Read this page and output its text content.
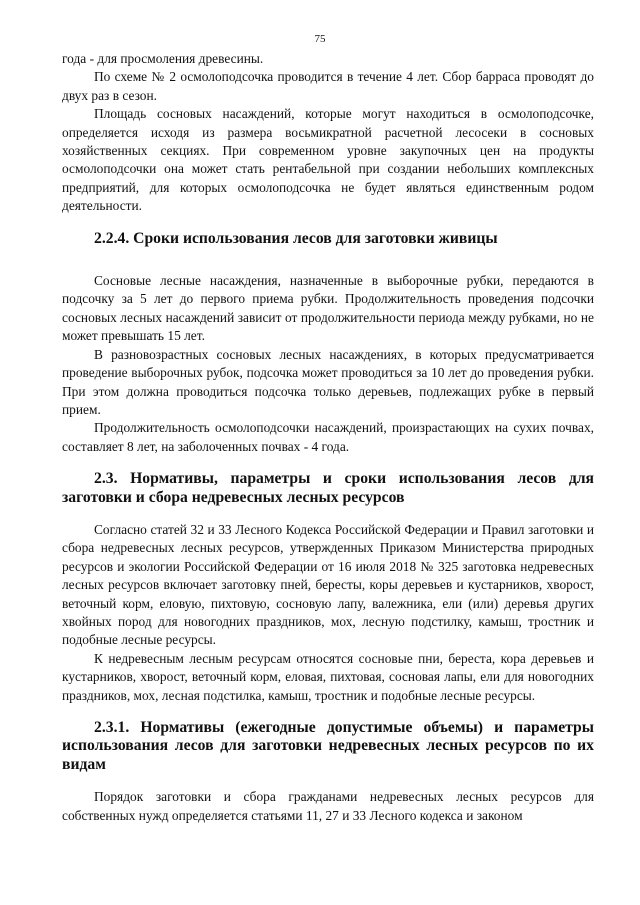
75

года - для просмоления древесины.

По схеме № 2 осмолоподсочка проводится в течение 4 лет. Сбор барраса проводят до двух раз в сезон.

Площадь сосновых насаждений, которые могут находиться в осмолоподсочке, определяется исходя из размера восьмикратной расчетной лесосеки в сосновых хозяйственных секциях. При современном уровне закупочных цен на продукты осмолоподсочки она может стать рентабельной при создании небольших комплексных предприятий, для которых осмолоподсочка не будет являться единственным родом деятельности.

2.2.4. Сроки использования лесов для заготовки живицы

Сосновые лесные насаждения, назначенные в выборочные рубки, передаются в подсочку за 5 лет до первого приема рубки. Продолжительность проведения подсочки сосновых лесных насаждений зависит от продолжительности периода между рубками, но не может превышать 15 лет.

В разновозрастных сосновых лесных насаждениях, в которых предусматривается проведение выборочных рубок, подсочка может проводиться за 10 лет до проведения рубки. При этом должна проводиться подсочка только деревьев, подлежащих рубке в первый прием.

Продолжительность осмолоподсочки насаждений, произрастающих на сухих почвах, составляет 8 лет, на заболоченных почвах - 4 года.

2.3. Нормативы, параметры и сроки использования лесов для заготовки и сбора недревесных лесных ресурсов

Согласно статей 32 и 33 Лесного Кодекса Российской Федерации и Правил заготовки и сбора недревесных лесных ресурсов, утвержденных Приказом Министерства природных ресурсов и экологии Российской Федерации от 16 июля 2018 № 325 заготовка недревесных лесных ресурсов включает заготовку пней, бересты, коры деревьев и кустарников, хворост, веточный корм, еловую, пихтовую, сосновую лапу, валежника, ели (или) деревья других хвойных пород для новогодних праздников, мох, лесную подстилку, камыш, тростник и подобные лесные ресурсы.

К недревесным лесным ресурсам относятся сосновые пни, береста, кора деревьев и кустарников, хворост, веточный корм, еловая, пихтовая, сосновая лапы, ели для новогодних праздников, мох, лесная подстилка, камыш, тростник и подобные лесные ресурсы.

2.3.1. Нормативы (ежегодные допустимые объемы) и параметры использования лесов для заготовки недревесных лесных ресурсов по их видам

Порядок заготовки и сбора гражданами недревесных лесных ресурсов для собственных нужд определяется статьями 11, 27 и 33 Лесного кодекса и законом
